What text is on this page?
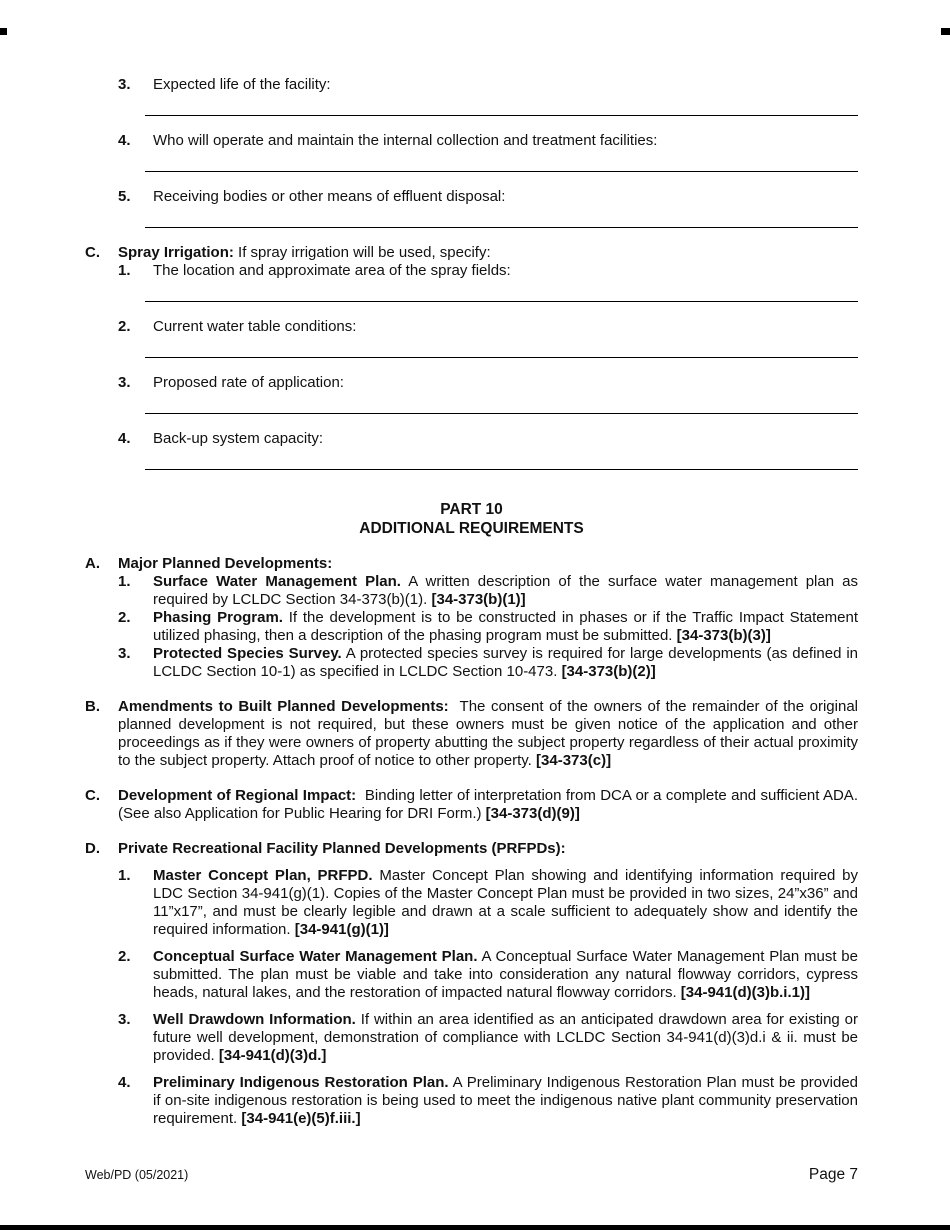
3.	Expected life of the facility:
4.	Who will operate and maintain the internal collection and treatment facilities:
5.	Receiving bodies or other means of effluent disposal:
C.	Spray Irrigation: If spray irrigation will be used, specify:
1.	The location and approximate area of the spray fields:
2.	Current water table conditions:
3.	Proposed rate of application:
4.	Back-up system capacity:
PART 10
ADDITIONAL REQUIREMENTS
A.	Major Planned Developments:

1.	Surface Water Management Plan. A written description of the surface water management plan as required by LCLDC Section 34-373(b)(1). [34-373(b)(1)]

2.	Phasing Program. If the development is to be constructed in phases or if the Traffic Impact Statement utilized phasing, then a description of the phasing program must be submitted. [34-373(b)(3)]

3.	Protected Species Survey. A protected species survey is required for large developments (as defined in LCLDC Section 10-1) as specified in LCLDC Section 10-473. [34-373(b)(2)]

B.	Amendments to Built Planned Developments: The consent of the owners of the remainder of the original planned development is not required, but these owners must be given notice of the application and other proceedings as if they were owners of property abutting the subject property regardless of their actual proximity to the subject property. Attach proof of notice to other property. [34-373(c)]

C.	Development of Regional Impact: Binding letter of interpretation from DCA or a complete and sufficient ADA. (See also Application for Public Hearing for DRI Form.) [34-373(d)(9)]

D.	Private Recreational Facility Planned Developments (PRFPDs):

1.	Master Concept Plan, PRFPD. Master Concept Plan showing and identifying information required by LDC Section 34-941(g)(1). Copies of the Master Concept Plan must be provided in two sizes, 24”x36” and 11”x17”, and must be clearly legible and drawn at a scale sufficient to adequately show and identify the required information. [34-941(g)(1)]

2.	Conceptual Surface Water Management Plan. A Conceptual Surface Water Management Plan must be submitted. The plan must be viable and take into consideration any natural flowway corridors, cypress heads, natural lakes, and the restoration of impacted natural flowway corridors. [34-941(d)(3)b.i.1)]

3.	Well Drawdown Information. If within an area identified as an anticipated drawdown area for existing or future well development, demonstration of compliance with LCLDC Section 34-941(d)(3)d.i & ii. must be provided. [34-941(d)(3)d.]

4.	Preliminary Indigenous Restoration Plan. A Preliminary Indigenous Restoration Plan must be provided if on-site indigenous restoration is being used to meet the indigenous native plant community preservation requirement. [34-941(e)(5)f.iii.]

Web/PD (05/2021)	Page 7
